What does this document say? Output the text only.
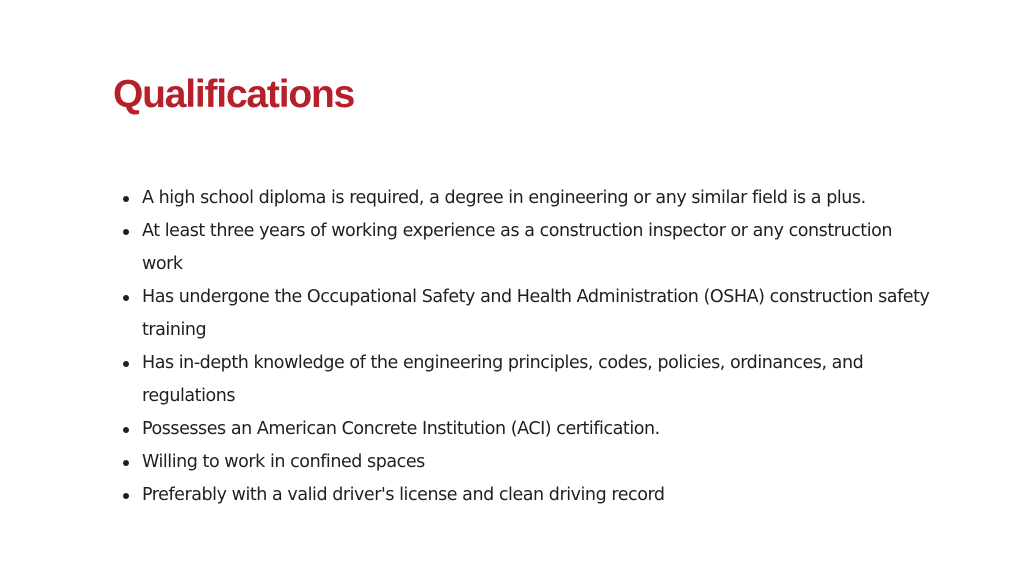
Qualifications
A high school diploma is required, a degree in engineering or any similar field is a plus.
At least three years of working experience as a construction inspector or any construction work
Has undergone the Occupational Safety and Health Administration (OSHA) construction safety training
Has in-depth knowledge of the engineering principles, codes, policies, ordinances, and regulations
Possesses an American Concrete Institution (ACI) certification.
Willing to work in confined spaces
Preferably with a valid driver's license and clean driving record
